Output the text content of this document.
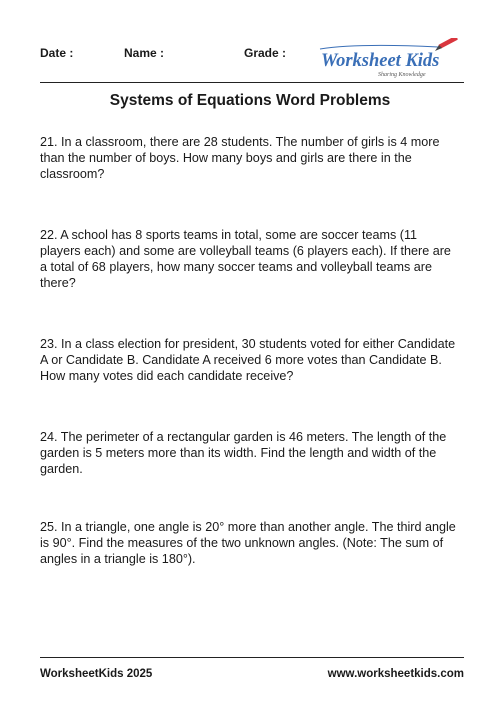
Date :	Name :	Grade : Worksheet Kids
Sharing Knowledge
Systems of Equations Word Problems

21. In a classroom, there are 28 students. The number of girls is 4 more than the number of boys. How many boys and girls are there in the classroom?

22. A school has 8 sports teams in total, some are soccer teams (11 players each) and some are volleyball teams (6 players each). If there are a total of 68 players, how many soccer teams and volleyball teams are there?

23. In a class election for president, 30 students voted for either Candidate A or Candidate B. Candidate A received 6 more votes than Candidate B. How many votes did each candidate receive?

24. The perimeter of a rectangular garden is 46 meters. The length of the garden is 5 meters more than its width. Find the length and width of the garden.

25. In a triangle, one angle is 20° more than another angle. The third angle is 90°. Find the measures of the two unknown angles. (Note: The sum of angles in a triangle is 180°).

WorksheetKids 2025	www.worksheetkids.com
